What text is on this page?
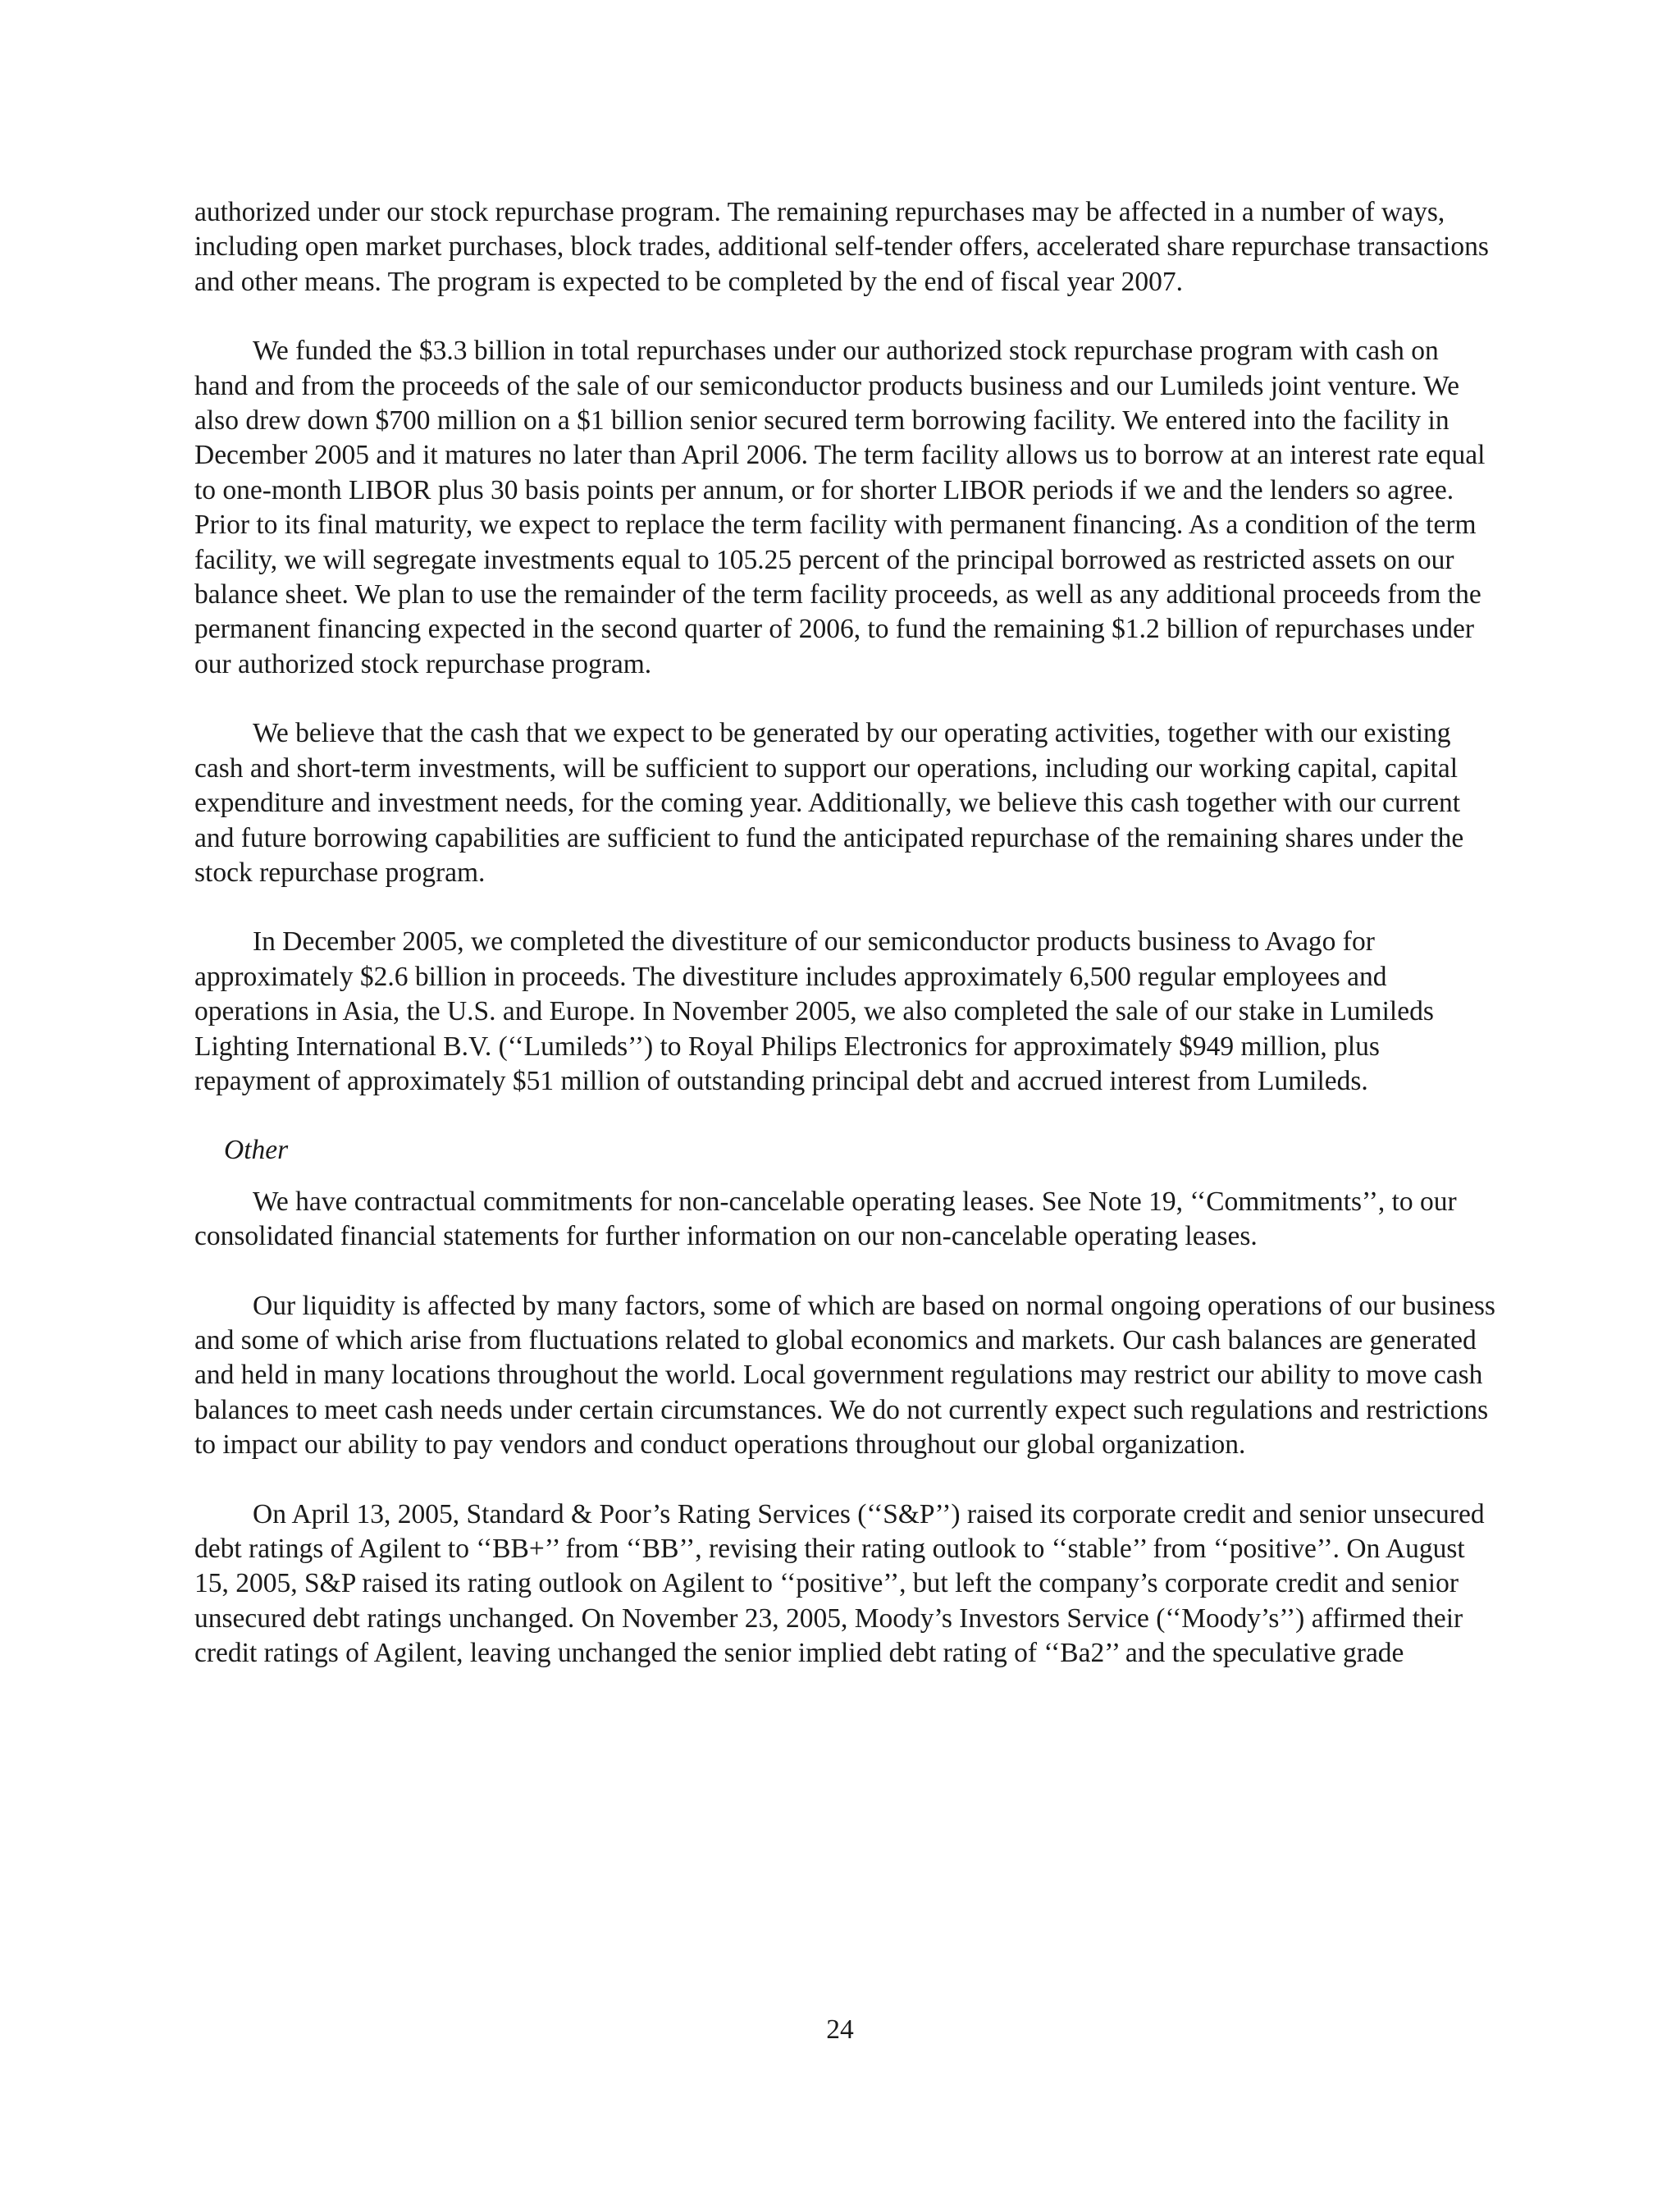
authorized under our stock repurchase program. The remaining repurchases may be affected in a number of ways, including open market purchases, block trades, additional self-tender offers, accelerated share repurchase transactions and other means. The program is expected to be completed by the end of fiscal year 2007.

We funded the $3.3 billion in total repurchases under our authorized stock repurchase program with cash on hand and from the proceeds of the sale of our semiconductor products business and our Lumileds joint venture. We also drew down $700 million on a $1 billion senior secured term borrowing facility. We entered into the facility in December 2005 and it matures no later than April 2006. The term facility allows us to borrow at an interest rate equal to one-month LIBOR plus 30 basis points per annum, or for shorter LIBOR periods if we and the lenders so agree. Prior to its final maturity, we expect to replace the term facility with permanent financing. As a condition of the term facility, we will segregate investments equal to 105.25 percent of the principal borrowed as restricted assets on our balance sheet. We plan to use the remainder of the term facility proceeds, as well as any additional proceeds from the permanent financing expected in the second quarter of 2006, to fund the remaining $1.2 billion of repurchases under our authorized stock repurchase program.

We believe that the cash that we expect to be generated by our operating activities, together with our existing cash and short-term investments, will be sufficient to support our operations, including our working capital, capital expenditure and investment needs, for the coming year. Additionally, we believe this cash together with our current and future borrowing capabilities are sufficient to fund the anticipated repurchase of the remaining shares under the stock repurchase program.

In December 2005, we completed the divestiture of our semiconductor products business to Avago for approximately $2.6 billion in proceeds. The divestiture includes approximately 6,500 regular employees and operations in Asia, the U.S. and Europe. In November 2005, we also completed the sale of our stake in Lumileds Lighting International B.V. (‘‘Lumileds’’) to Royal Philips Electronics for approximately $949 million, plus repayment of approximately $51 million of outstanding principal debt and accrued interest from Lumileds.

Other

We have contractual commitments for non-cancelable operating leases. See Note 19, ‘‘Commitments’’, to our consolidated financial statements for further information on our non-cancelable operating leases.

Our liquidity is affected by many factors, some of which are based on normal ongoing operations of our business and some of which arise from fluctuations related to global economics and markets. Our cash balances are generated and held in many locations throughout the world. Local government regulations may restrict our ability to move cash balances to meet cash needs under certain circumstances. We do not currently expect such regulations and restrictions to impact our ability to pay vendors and conduct operations throughout our global organization.

On April 13, 2005, Standard & Poor’s Rating Services (‘‘S&P’’) raised its corporate credit and senior unsecured debt ratings of Agilent to ‘‘BB+’’ from ‘‘BB’’, revising their rating outlook to ‘‘stable’’ from ‘‘positive’’. On August 15, 2005, S&P raised its rating outlook on Agilent to ‘‘positive’’, but left the company’s corporate credit and senior unsecured debt ratings unchanged. On November 23, 2005, Moody’s Investors Service (‘‘Moody’s’’) affirmed their credit ratings of Agilent, leaving unchanged the senior implied debt rating of ‘‘Ba2’’ and the speculative grade

24
